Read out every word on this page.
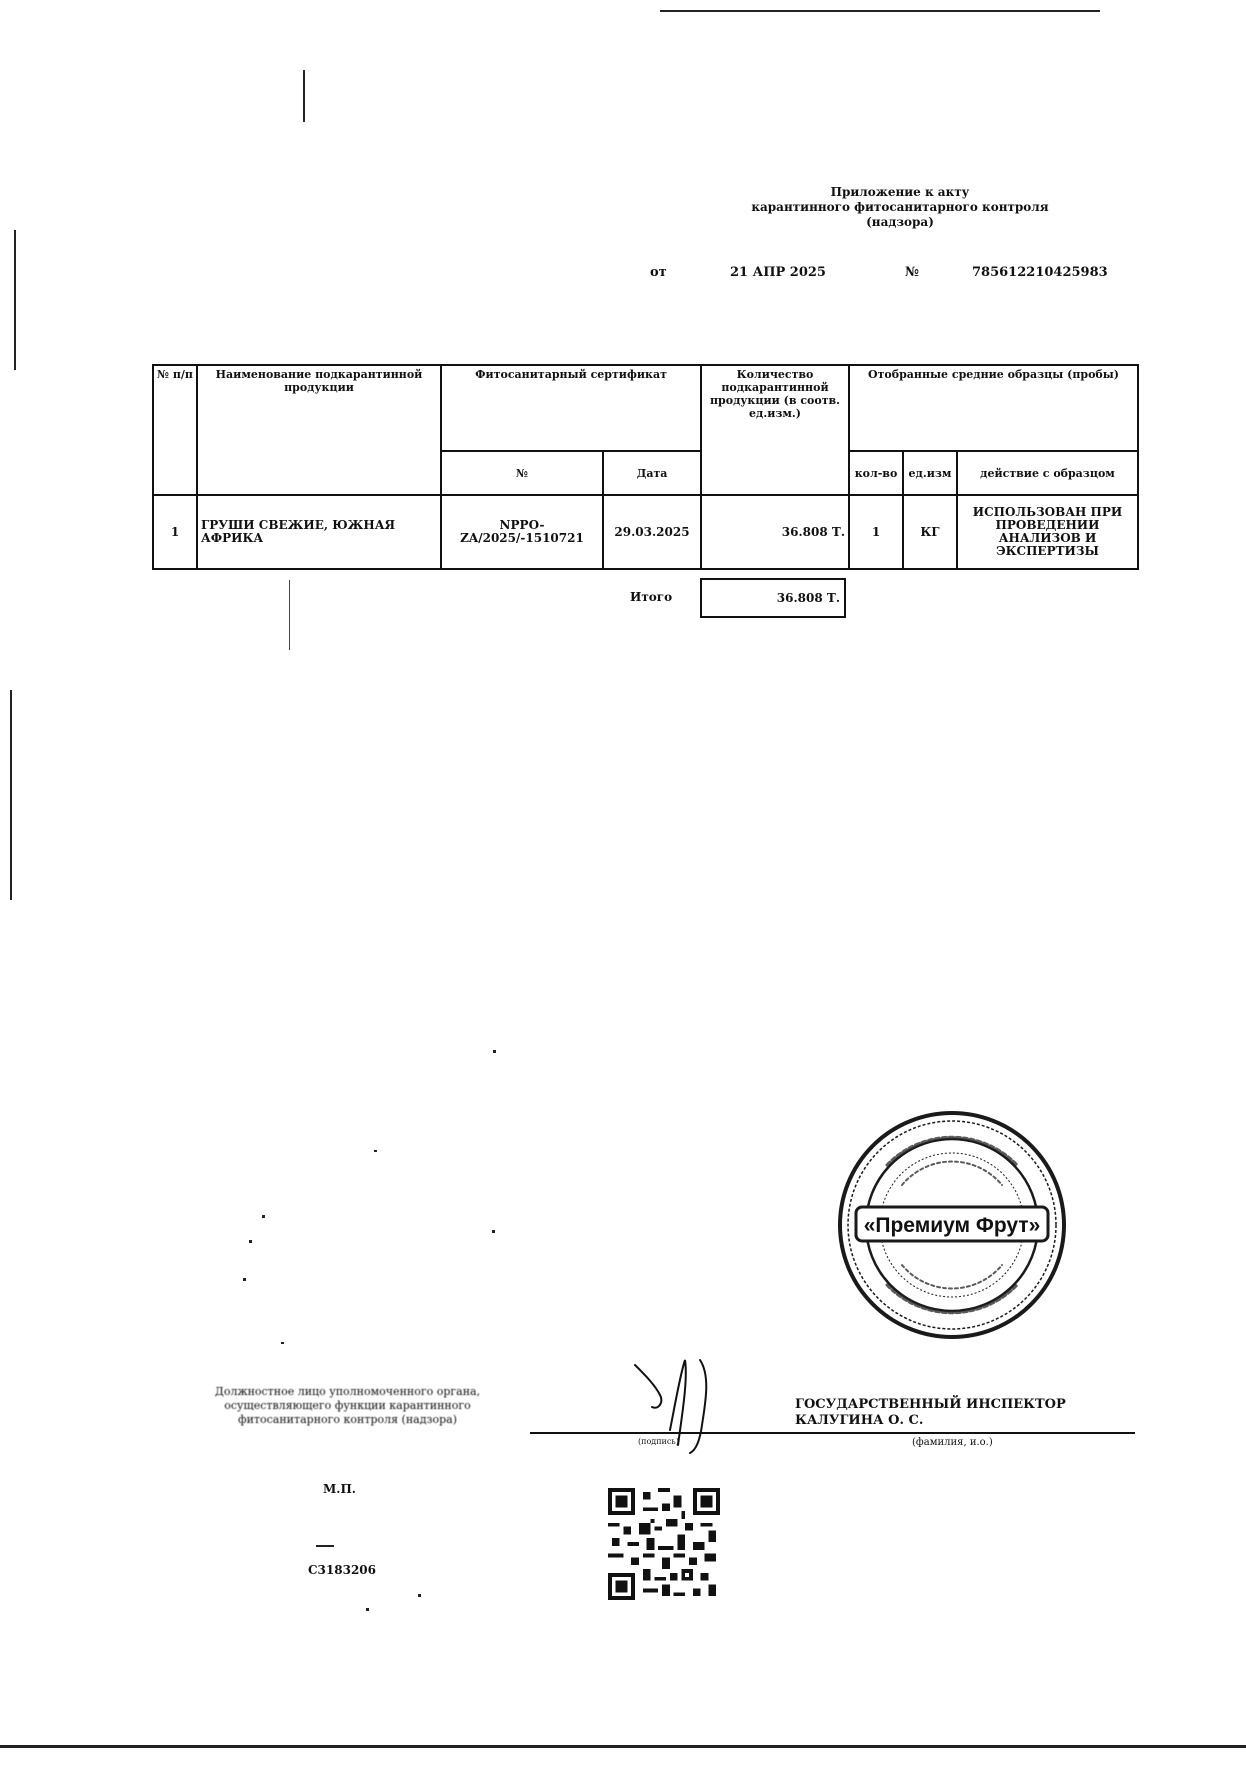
Приложение к акту
карантинного фитосанитарного контроля
(надзора)
от	21 АПР 2025	№	785612210425983
№ п/п	Наименование подкарантинной продукции	Фитосанитарный сертификат		Количество подкарантинной продукции (в соотв. ед.изм.)	Отобранные средние образцы (пробы)		
		№	Дата		кол-во	ед.изм	действие с образцом
1	ГРУШИ СВЕЖИЕ, ЮЖНАЯ АФРИКА	NPPO-ZA/2025/-1510721	29.03.2025	36.808 Т.	1	КГ	ИСПОЛЬЗОВАН ПРИ ПРОВЕДЕНИИ АНАЛИЗОВ И ЭКСПЕРТИЗЫ
Итого	36.808 Т.
«Премиум Фрут»
Должностное лицо уполномоченного органа,
осуществляющего функции карантинного
фитосанитарного контроля (надзора)
ГОСУДАРСТВЕННЫЙ ИНСПЕКТОР
КАЛУГИНА О. С.
(подпись)	(фамилия, и.о.)
М.П.
С3183206
